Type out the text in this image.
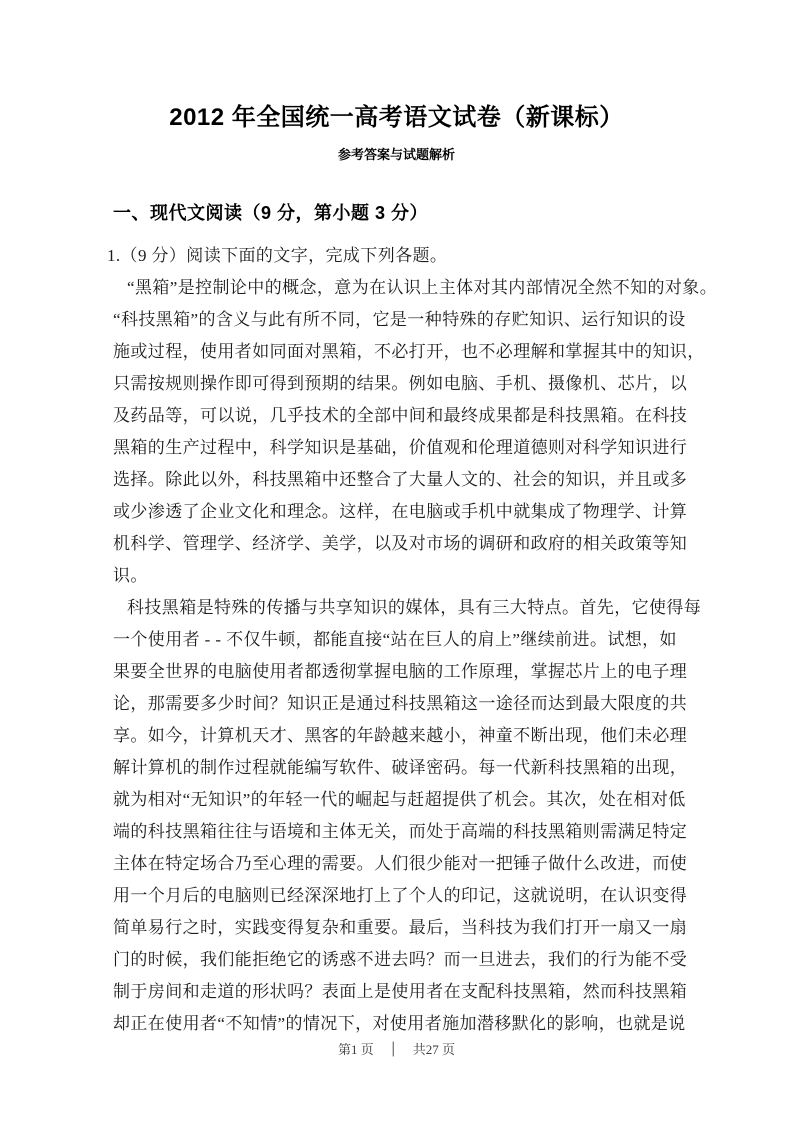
2012 年全国统一高考语文试卷（新课标）
参考答案与试题解析
一、现代文阅读（9 分，第小题 3 分）
1.（9 分）阅读下面的文字，完成下列各题。
“黑箱”是控制论中的概念，意为在认识上主体对其内部情况全然不知的对象。
“科技黑箱”的含义与此有所不同，它是一种特殊的存贮知识、运行知识的设
施或过程，使用者如同面对黑箱，不必打开，也不必理解和掌握其中的知识，
只需按规则操作即可得到预期的结果。例如电脑、手机、摄像机、芯片，以
及药品等，可以说，几乎技术的全部中间和最终成果都是科技黑箱。在科技
黑箱的生产过程中，科学知识是基础，价值观和伦理道德则对科学知识进行
选择。除此以外，科技黑箱中还整合了大量人文的、社会的知识，并且或多
或少渗透了企业文化和理念。这样，在电脑或手机中就集成了物理学、计算
机科学、管理学、经济学、美学，以及对市场的调研和政府的相关政策等知
识。
科技黑箱是特殊的传播与共享知识的媒体，具有三大特点。首先，它使得每
一个使用者 - - 不仅牛顿，都能直接“站在巨人的肩上”继续前进。试想，如
果要全世界的电脑使用者都透彻掌握电脑的工作原理，掌握芯片上的电子理
论，那需要多少时间？知识正是通过科技黑箱这一途径而达到最大限度的共
享。如今，计算机天才、黑客的年龄越来越小，神童不断出现，他们未必理
解计算机的制作过程就能编写软件、破译密码。每一代新科技黑箱的出现，
就为相对“无知识”的年轻一代的崛起与赶超提供了机会。其次，处在相对低
端的科技黑箱往往与语境和主体无关，而处于高端的科技黑箱则需满足特定
主体在特定场合乃至心理的需要。人们很少能对一把锤子做什么改进，而使
用一个月后的电脑则已经深深地打上了个人的印记，这就说明，在认识变得
简单易行之时，实践变得复杂和重要。最后，当科技为我们打开一扇又一扇
门的时候，我们能拒绝它的诱惑不进去吗？而一旦进去，我们的行为能不受
制于房间和走道的形状吗？表面上是使用者在支配科技黑箱，然而科技黑箱
却正在使用者“不知情”的情况下，对使用者施加潜移默化的影响，也就是说
第1 页 ｜ 共27 页
